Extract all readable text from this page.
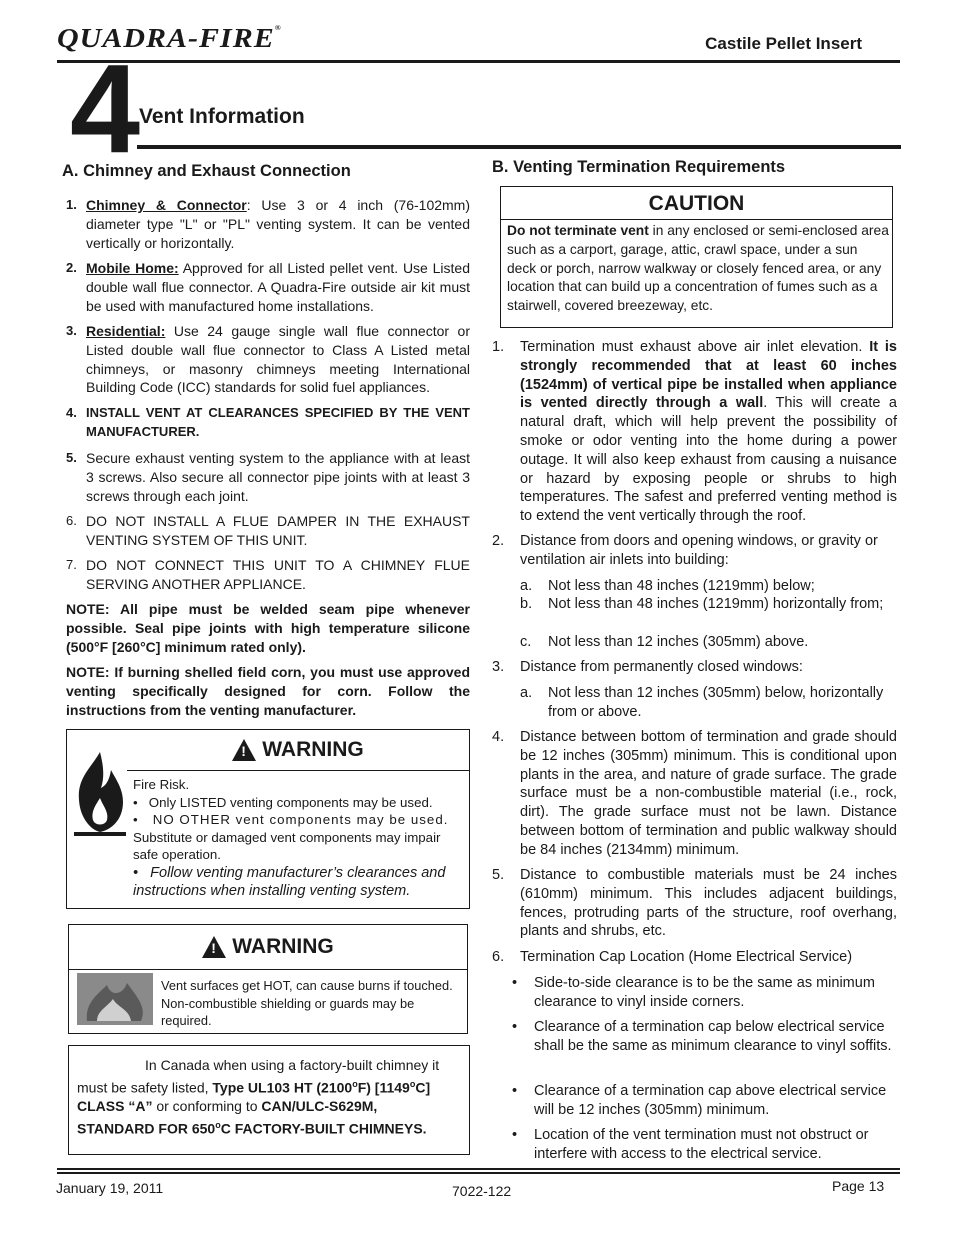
QUADRA-FIRE®
Castile Pellet Insert
4 Vent Information
A. Chimney and Exhaust Connection
1. Chimney & Connector: Use 3 or 4 inch (76-102mm) diameter type "L" or "PL" venting system. It can be vented vertically or horizontally.
2. Mobile Home: Approved for all Listed pellet vent. Use Listed double wall flue connector. A Quadra-Fire outside air kit must be used with manufactured home installations.
3. Residential: Use 24 gauge single wall flue connector or Listed double wall flue connector to Class A Listed metal chimneys, or masonry chimneys meeting International Building Code (ICC) standards for solid fuel appliances.
4. INSTALL VENT AT CLEARANCES SPECIFIED BY THE VENT MANUFACTURER.
5. Secure exhaust venting system to the appliance with at least 3 screws. Also secure all connector pipe joints with at least 3 screws through each joint.
6. DO NOT INSTALL A FLUE DAMPER IN THE EXHAUST VENTING SYSTEM OF THIS UNIT.
7. DO NOT CONNECT THIS UNIT TO A CHIMNEY FLUE SERVING ANOTHER APPLIANCE.
NOTE: All pipe must be welded seam pipe whenever possible. Seal pipe joints with high temperature silicone (500°F [260°C] minimum rated only).
NOTE: If burning shelled field corn, you must use approved venting specifically designed for corn. Follow the instructions from the venting manufacturer.
! WARNING
Fire Risk.
•   Only LISTED venting components may be used.
•   NO OTHER vent components may be used.
Substitute or damaged vent components may impair safe operation.
•   Follow venting manufacturer’s clearances and instructions when installing venting system.
! WARNING
Vent surfaces get HOT, can cause burns if touched. Non-combustible shielding or guards may be required.
In Canada when using a factory-built chimney it must be safety listed, Type UL103 HT (2100$^o$F) [1149$^o$C] CLASS “A” or conforming to CAN/ULC-S629M, STANDARD FOR 650$^o$C FACTORY-BUILT CHIMNEYS.
B. Venting Termination Requirements
CAUTION
Do not terminate vent in any enclosed or semi-enclosed area such as a carport, garage, attic, crawl space, under a sun deck or porch, narrow walkway or closely fenced area, or any location that can build up a concentration of fumes such as a stairwell, covered breezeway, etc.
1. Termination must exhaust above air inlet elevation. It is strongly recommended that at least 60 inches (1524mm) of vertical pipe be installed when appliance is vented directly through a wall. This will create a natural draft, which will help prevent the possibility of smoke or odor venting into the home during a power outage. It will also keep exhaust from causing a nuisance or hazard by exposing people or shrubs to high temperatures. The safest and preferred venting method is to extend the vent vertically through the roof.
2. Distance from doors and opening windows, or gravity or ventilation air inlets into building:
a. Not less than 48 inches (1219mm) below;
b. Not less than 48 inches (1219mm) horizontally from;
c. Not less than 12 inches (305mm) above.
3. Distance from permanently closed windows:
a. Not less than 12 inches (305mm) below, horizontally from or above.
4. Distance between bottom of termination and grade should be 12 inches (305mm) minimum. This is conditional upon plants in the area, and nature of grade surface. The grade surface must be a non-combustible material (i.e., rock, dirt). The grade surface must not be lawn. Distance between bottom of termination and public walkway should be 84 inches (2134mm) minimum.
5. Distance to combustible materials must be 24 inches (610mm) minimum. This includes adjacent buildings, fences, protruding parts of the structure, roof overhang, plants and shrubs, etc.
6. Termination Cap Location (Home Electrical Service)
• Side-to-side clearance is to be the same as minimum clearance to vinyl inside corners.
• Clearance of a termination cap below electrical service shall be the same as minimum clearance to vinyl soffits.
• Clearance of a termination cap above electrical service will be 12 inches (305mm) minimum.
• Location of the vent termination must not obstruct or interfere with access to the electrical service.
January 19, 2011	7022-122	Page 13
